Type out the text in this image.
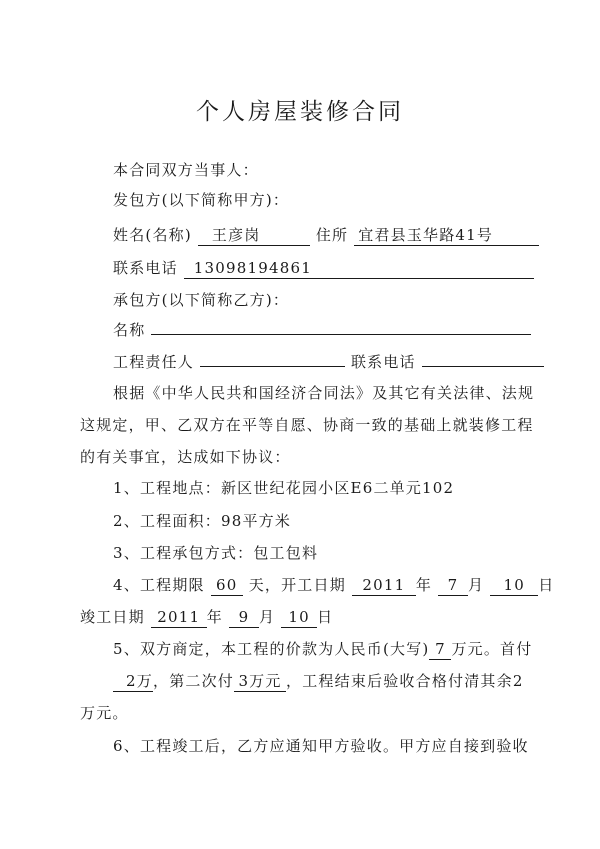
个人房屋装修合同
本合同双方当事人：
发包方(以下简称甲方)：
姓名(名称) 王彦岗	住所 宜君县玉华路41号
联系电话 13098194861
承包方(以下简称乙方)：
名称
工程责任人	联系电话
根据《中华人民共和国经济合同法》及其它有关法律、法规
这规定，甲、乙双方在平等自愿、协商一致的基础上就装修工程
的有关事宜，达成如下协议：
1、工程地点：新区世纪花园小区E6二单元102
2、工程面积：98平方米
3、工程承包方式：包工包料
4、工程期限 60 天，开工日期 2011 年 7 月 10 日
竣工日期 2011 年 9 月 10 日
5、双方商定，本工程的价款为人民币(大写) 7 万元。首付
2万，第二次付 3万元 ，工程结束后验收合格付清其余2
万元。
6、工程竣工后，乙方应通知甲方验收。甲方应自接到验收
